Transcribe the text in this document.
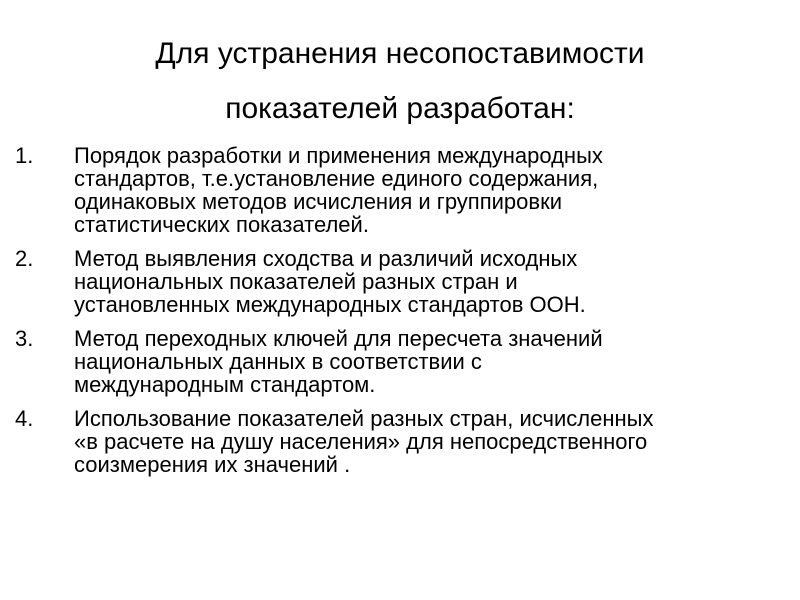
Для устранения несопоставимости
показателей разработан:
1. Порядок разработки и применения международных
стандартов, т.е.установление единого содержания,
одинаковых методов исчисления и группировки
статистических показателей.
2. Метод выявления сходства и различий исходных
национальных показателей разных стран и
установленных международных стандартов ООН.
3. Метод переходных ключей для пересчета значений
национальных данных в соответствии с
международным стандартом.
4. Использование показателей разных стран, исчисленных
«в расчете на душу населения» для непосредственного
соизмерения их значений .
